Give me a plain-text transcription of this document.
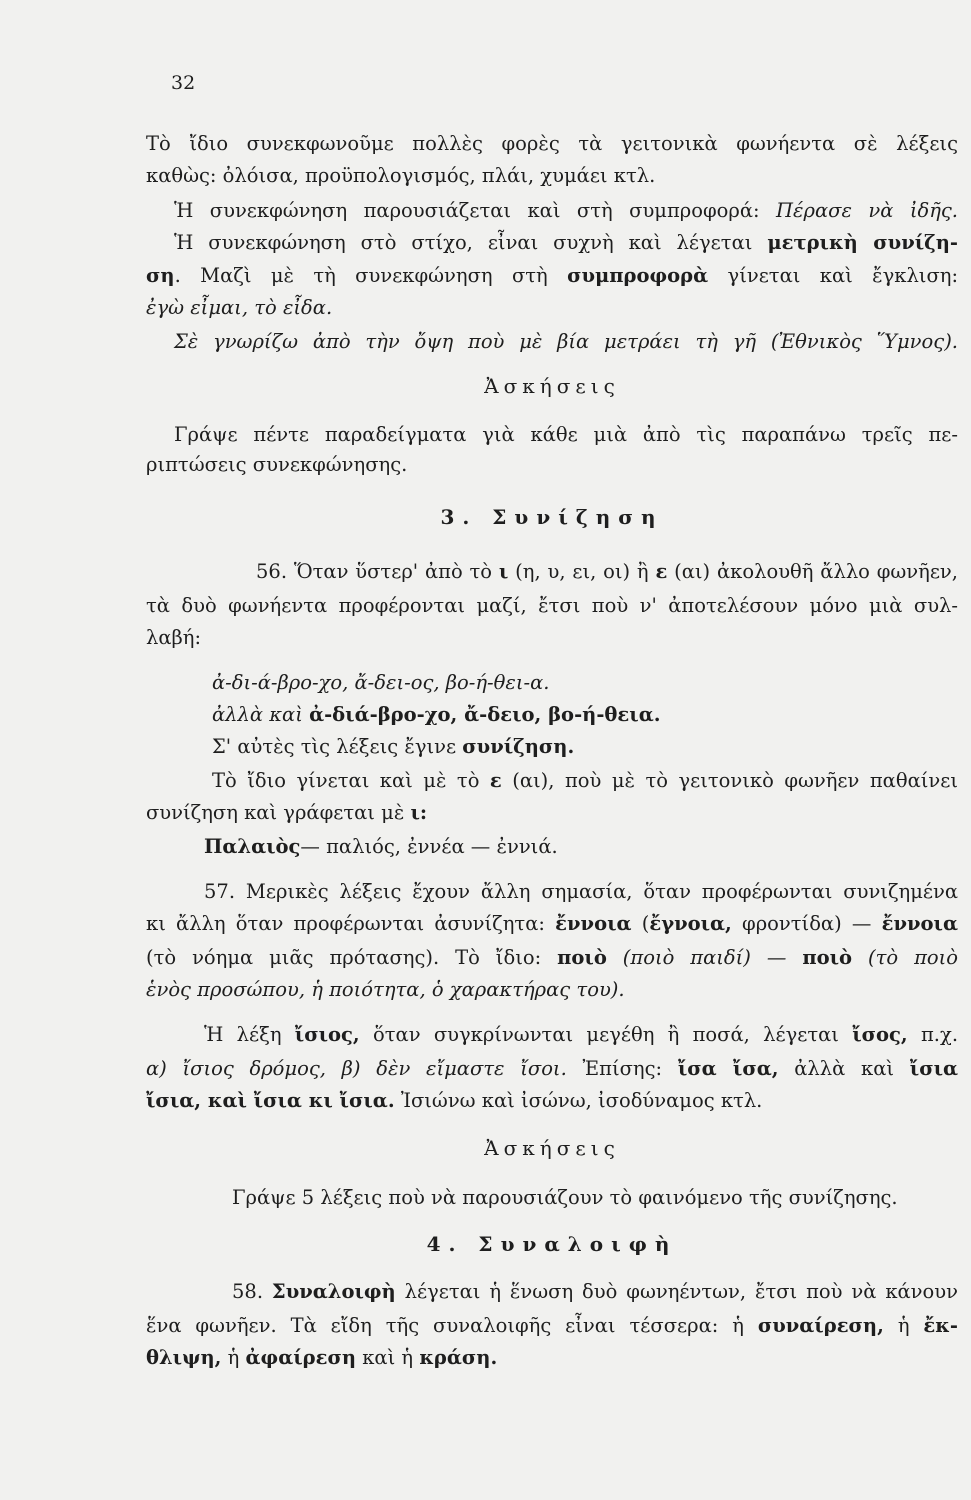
32
Τὸ ἴδιο συνεκφωνοῦμε πολλὲς φορὲς τὰ γειτονικὰ φωνήεντα σὲ λέξεις
καθὼς: ὀλόισα, προϋπολογισμός, πλάι, χυμάει κτλ.
Ἡ συνεκφώνηση παρουσιάζεται καὶ στὴ συμπροφορά: Πέρασε νὰ ἰδῆς.
Ἡ συνεκφώνηση στὸ στίχο, εἶναι συχνὴ καὶ λέγεται μετρικὴ συνίζη-
ση. Μαζὶ μὲ τὴ συνεκφώνηση στὴ συμπροφορὰ γίνεται καὶ ἔγκλιση:
ἐγὼ εἶμαι, τὸ εἶδα.
Σὲ γνωρίζω ἀπὸ τὴν ὄψη ποὺ μὲ βία μετράει τὴ γῆ (Ἐθνικὸς Ὕμνος).
Ἀσκήσεις
Γράψε πέντε παραδείγματα γιὰ κάθε μιὰ ἀπὸ τὶς παραπάνω τρεῖς πε-
ριπτώσεις συνεκφώνησης.
3. Συνίζηση
56. Ὅταν ὕστερ' ἀπὸ τὸ ι (η, υ, ει, οι) ἢ ε (αι) ἀκολουθῆ ἄλλο φωνῆεν,
τὰ δυὸ φωνήεντα προφέρονται μαζί, ἔτσι ποὺ ν' ἀποτελέσουν μόνο μιὰ συλ-
λαβή:
ἀ-δι-ά-βρο-χο, ἄ-δει-ος, βο-ή-θει-α.
ἀλλὰ καὶ ἀ-διά-βρο-χο, ἄ-δειο, βο-ή-θεια.
Σ' αὐτὲς τὶς λέξεις ἔγινε συνίζηση.
Τὸ ἴδιο γίνεται καὶ μὲ τὸ ε (αι), ποὺ μὲ τὸ γειτονικὸ φωνῆεν παθαίνει
συνίζηση καὶ γράφεται μὲ ι:
Παλαιὸς— παλιός, ἐννέα — ἐννιά.
57. Μερικὲς λέξεις ἔχουν ἄλλη σημασία, ὅταν προφέρωνται συνιζημένα
κι ἄλλη ὅταν προφέρωνται ἀσυνίζητα: ἔννοια (ἔγνοια, φροντίδα) — ἔννοια
(τὸ νόημα μιᾶς πρότασης). Τὸ ἴδιο: ποιὸ (ποιὸ παιδί) — ποιὸ (τὸ ποιὸ
ἑνὸς προσώπου, ἡ ποιότητα, ὁ χαρακτήρας του).
Ἡ λέξη ἴσιος, ὅταν συγκρίνωνται μεγέθη ἢ ποσά, λέγεται ἴσος, π.χ.
α) ἴσιος δρόμος, β) δὲν εἴμαστε ἴσοι. Ἐπίσης: ἴσα ἴσα, ἀλλὰ καὶ ἴσια
ἴσια, καὶ ἴσια κι ἴσια. Ἰσιώνω καὶ ἰσώνω, ἰσοδύναμος κτλ.
Ἀσκήσεις
Γράψε 5 λέξεις ποὺ νὰ παρουσιάζουν τὸ φαινόμενο τῆς συνίζησης.
4. Συναλοιφὴ
58. Συναλοιφὴ λέγεται ἡ ἕνωση δυὸ φωνηέντων, ἔτσι ποὺ νὰ κάνουν
ἕνα φωνῆεν. Τὰ εἴδη τῆς συναλοιφῆς εἶναι τέσσερα: ἡ συναίρεση, ἡ ἔκ-
θλιψη, ἡ ἀφαίρεση καὶ ἡ κράση.
